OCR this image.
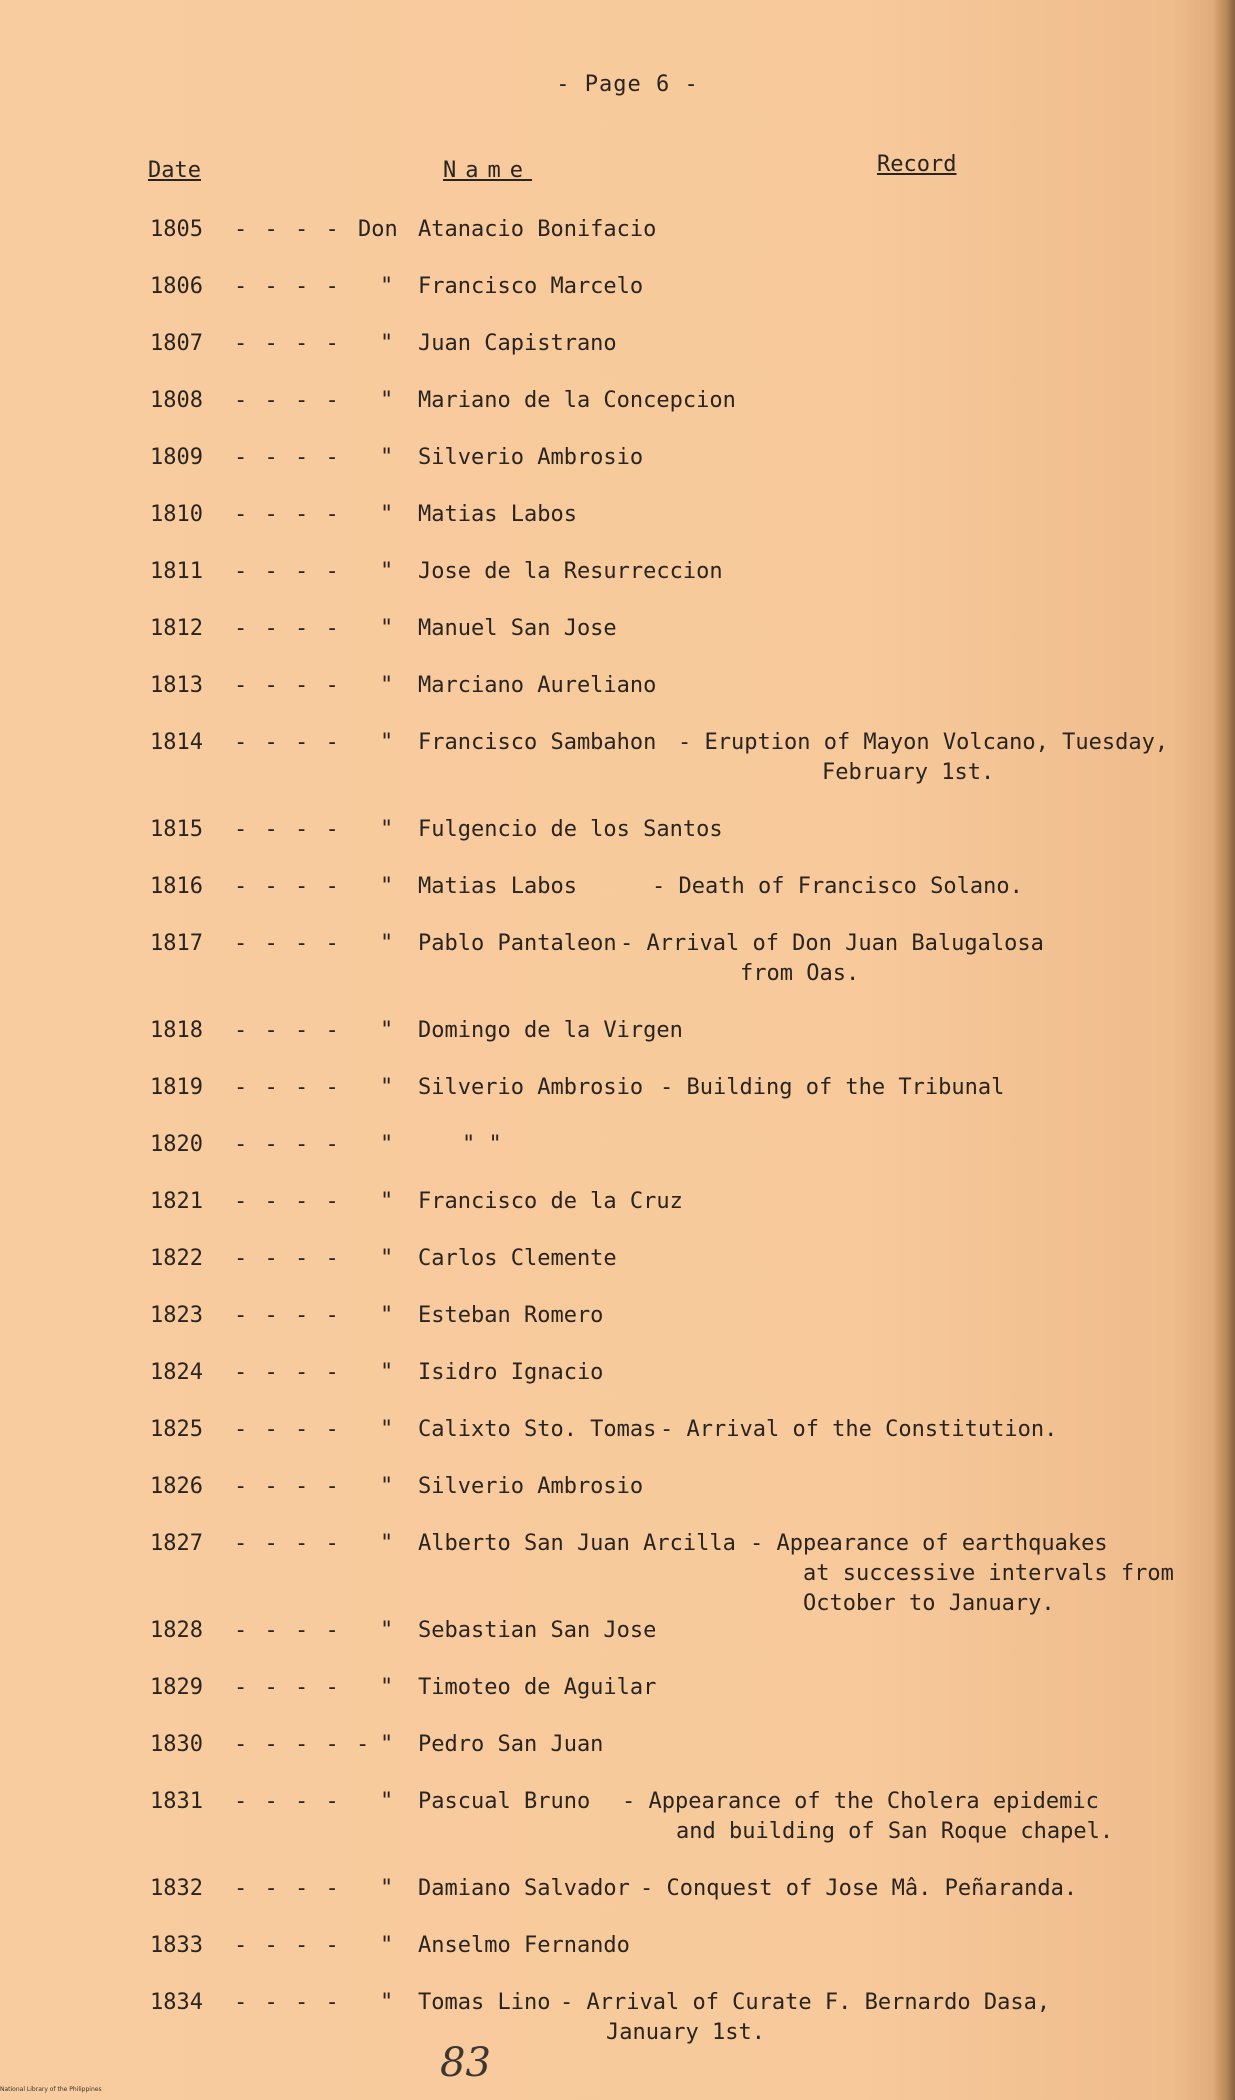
- Page 6 -
Date	Name	Record
1805 - - - - Don Atanacio Bonifacio
1806 - - - - " Francisco Marcelo
1807 - - - - " Juan Capistrano
1808 - - - - " Mariano de la Concepcion
1809 - - - - " Silverio Ambrosio
1810 - - - - " Matias Labos
1811 - - - - " Jose de la Resurreccion
1812 - - - - " Manuel San Jose
1813 - - - - " Marciano Aureliano
1814 - - - - " Francisco Sambahon - Eruption of Mayon Volcano, Tuesday,
February 1st.
1815 - - - - " Fulgencio de los Santos
1816 - - - - " Matias Labos	- Death of Francisco Solano.
1817 - - - - " Pablo Pantaleon - Arrival of Don Juan Balugalosa
from Oas.
1818 - - - - " Domingo de la Virgen
1819 - - - - " Silverio Ambrosio - Building of the Tribunal
1820 - - - - "	" "
1821 - - - - " Francisco de la Cruz
1822 - - - - " Carlos Clemente
1823 - - - - " Esteban Romero
1824 - - - - " Isidro Ignacio
1825 - - - - " Calixto Sto. Tomas - Arrival of the Constitution.
1826 - - - - " Silverio Ambrosio
1827 - - - - " Alberto San Juan Arcilla - Appearance of earthquakes
at successive intervals from
October to January.
1828 - - - - " Sebastian San Jose
1829 - - - - " Timoteo de Aguilar
1830 - - - - - " Pedro San Juan
1831 - - - - " Pascual Bruno - Appearance of the Cholera epidemic
and building of San Roque chapel.
1832 - - - - " Damiano Salvador - Conquest of Jose Mâ. Peñaranda.
1833 - - - - " Anselmo Fernando
1834 - - - - " Tomas Lino - Arrival of Curate F. Bernardo Dasa,
January 1st.
83
National Library of the Philippines
